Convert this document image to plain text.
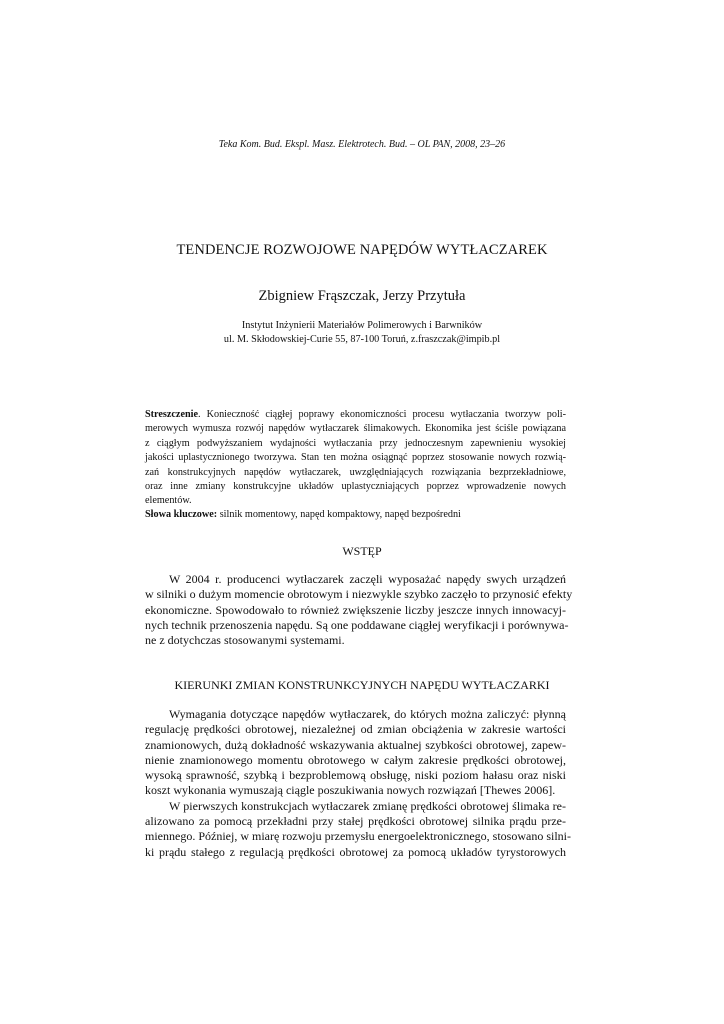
Teka Kom. Bud. Ekspl. Masz. Elektrotech. Bud. – OL PAN, 2008, 23–26
TENDENCJE ROZWOJOWE NAPĘDÓW WYTŁACZAREK
Zbigniew Frąszczak, Jerzy Przytuła
Instytut Inżynierii Materiałów Polimerowych i Barwników
ul. M. Skłodowskiej-Curie 55, 87-100 Toruń, z.fraszczak@impib.pl
Streszczenie. Konieczność ciągłej poprawy ekonomiczności procesu wytłaczania tworzyw poli-
merowych wymusza rozwój napędów wytłaczarek ślimakowych. Ekonomika jest ściśle powiązana
z ciągłym podwyższaniem wydajności wytłaczania przy jednoczesnym zapewnieniu wysokiej
jakości uplastycznionego tworzywa. Stan ten można osiągnąć poprzez stosowanie nowych rozwią-
zań konstrukcyjnych napędów wytłaczarek, uwzględniających rozwiązania bezprzekładniowe,
oraz inne zmiany konstrukcyjne układów uplastyczniających poprzez wprowadzenie nowych
elementów.
Słowa kluczowe: silnik momentowy, napęd kompaktowy, napęd bezpośredni
WSTĘP
W 2004 r. producenci wytłaczarek zaczęli wyposażać napędy swych urządzeń
w silniki o dużym momencie obrotowym i niezwykle szybko zaczęło to przynosić efekty
ekonomiczne. Spowodowało to również zwiększenie liczby jeszcze innych innowacyj-
nych technik przenoszenia napędu. Są one poddawane ciągłej weryfikacji i porównywa-
ne z dotychczas stosowanymi systemami.
KIERUNKI ZMIAN KONSTRUNKCYJNYCH NAPĘDU WYTŁACZARKI
Wymagania dotyczące napędów wytłaczarek, do których można zaliczyć: płynną
regulację prędkości obrotowej, niezależnej od zmian obciążenia w zakresie wartości
znamionowych, dużą dokładność wskazywania aktualnej szybkości obrotowej, zapew-
nienie znamionowego momentu obrotowego w całym zakresie prędkości obrotowej,
wysoką sprawność, szybką i bezproblemową obsługę, niski poziom hałasu oraz niski
koszt wykonania wymuszają ciągle poszukiwania nowych rozwiązań [Thewes 2006].
W pierwszych konstrukcjach wytłaczarek zmianę prędkości obrotowej ślimaka re-
alizowano za pomocą przekładni przy stałej prędkości obrotowej silnika prądu prze-
miennego. Później, w miarę rozwoju przemysłu energoelektronicznego, stosowano silni-
ki prądu stałego z regulacją prędkości obrotowej za pomocą układów tyrystorowych
